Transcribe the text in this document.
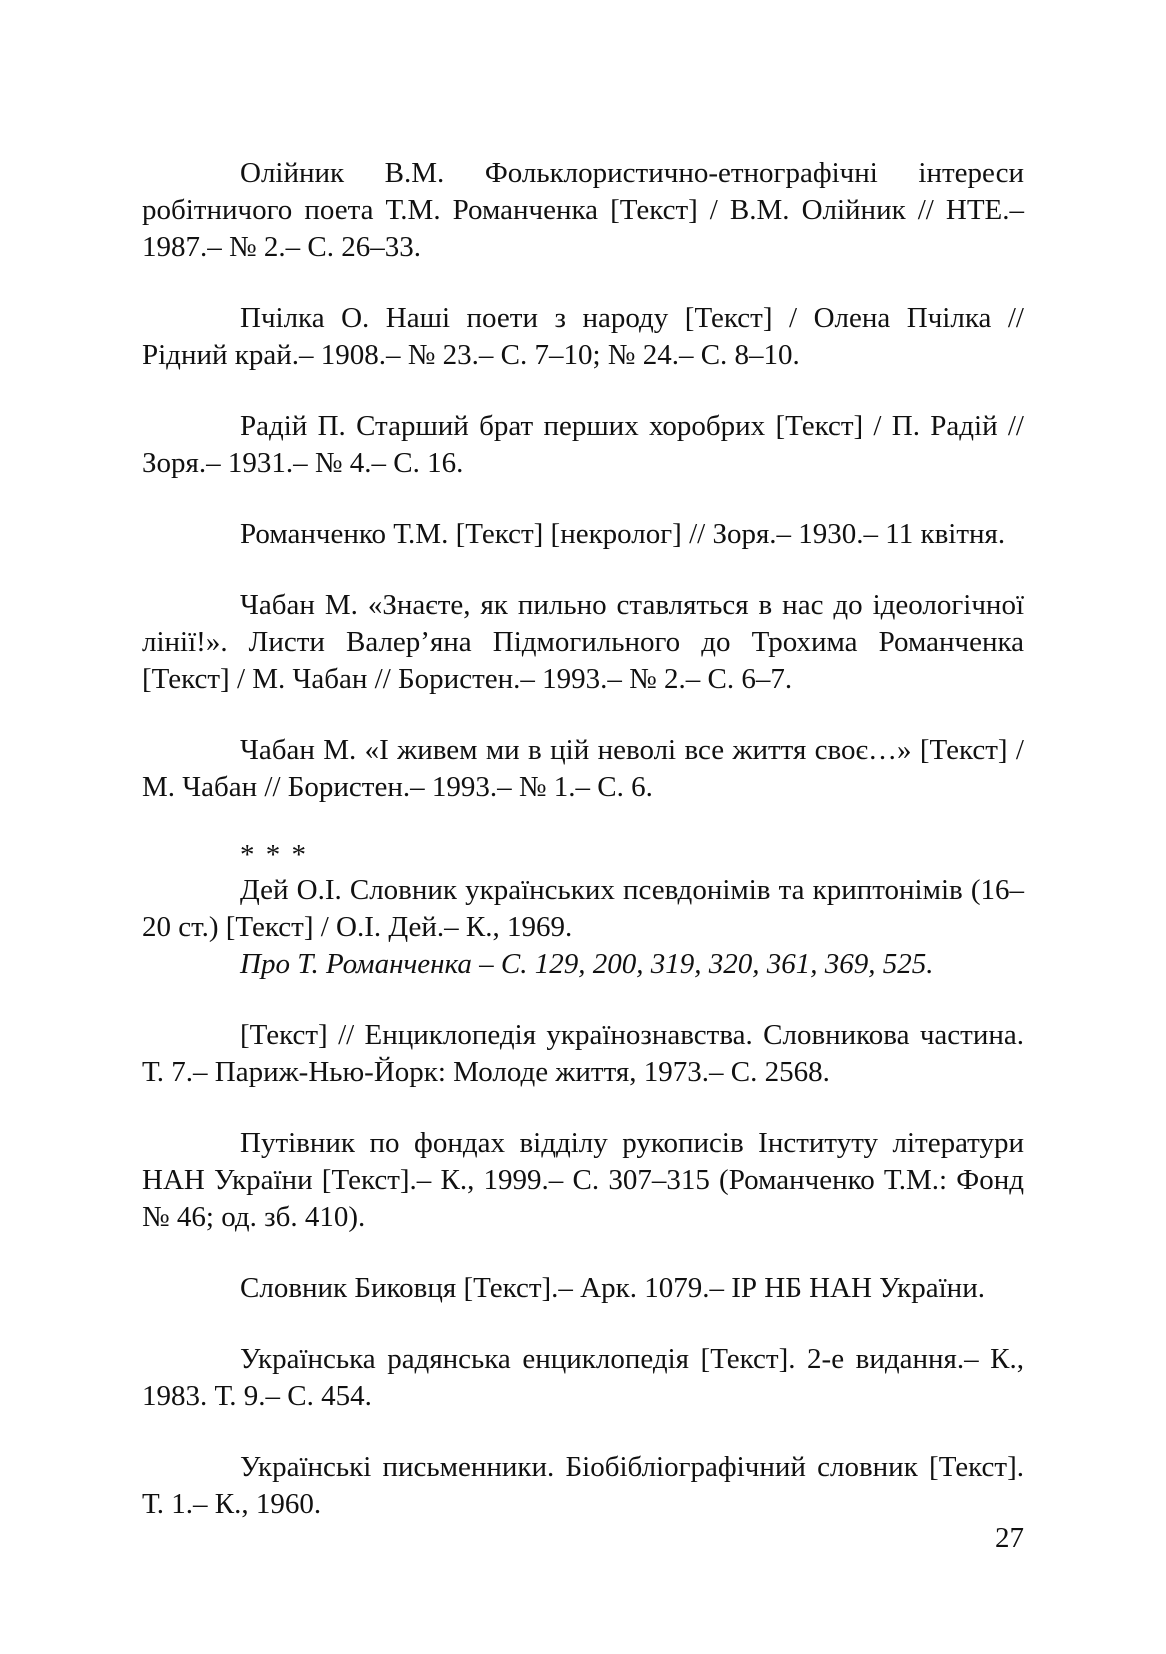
Олійник В.М. Фольклористично-етнографічні інтереси робітничого поета Т.М. Романченка [Текст] / В.М. Олійник // НТЕ.– 1987.– № 2.– С. 26–33.
Пчілка О. Наші поети з народу [Текст] / Олена Пчілка // Рідний край.– 1908.– № 23.– С. 7–10; № 24.– С. 8–10.
Радій П. Старший брат перших хоробрих [Текст] / П. Радій // Зоря.– 1931.– № 4.– С. 16.
Романченко Т.М. [Текст] [некролог] // Зоря.– 1930.– 11 квітня.
Чабан М. «Знаєте, як пильно ставляться в нас до ідеологічної лінії!». Листи Валер’яна Підмогильного до Трохима Романченка [Текст] / М. Чабан // Бористен.– 1993.– № 2.– С. 6–7.
Чабан М. «І живем ми в цій неволі все життя своє…» [Текст] / М. Чабан // Бористен.– 1993.– № 1.– С. 6.
* * *

Дей О.І. Словник українських псевдонімів та криптонімів (16–20 ст.) [Текст] / О.І. Дей.– К., 1969.

Про Т. Романченка – С. 129, 200, 319, 320, 361, 369, 525.

[Текст] // Енциклопедія українознавства. Словникова частина. Т. 7.– Париж-Нью-Йорк: Молоде життя, 1973.– С. 2568.
Путівник по фондах відділу рукописів Інституту літератури НАН України [Текст].– К., 1999.– С. 307–315 (Романченко Т.М.: Фонд № 46; од. зб. 410).
Словник Биковця [Текст].– Арк. 1079.– ІР НБ НАН України.
Українська радянська енциклопедія [Текст]. 2-е видання.– К., 1983. Т. 9.– С. 454.
Українські письменники. Біобібліографічний словник [Текст]. Т. 1.– К., 1960.
27
